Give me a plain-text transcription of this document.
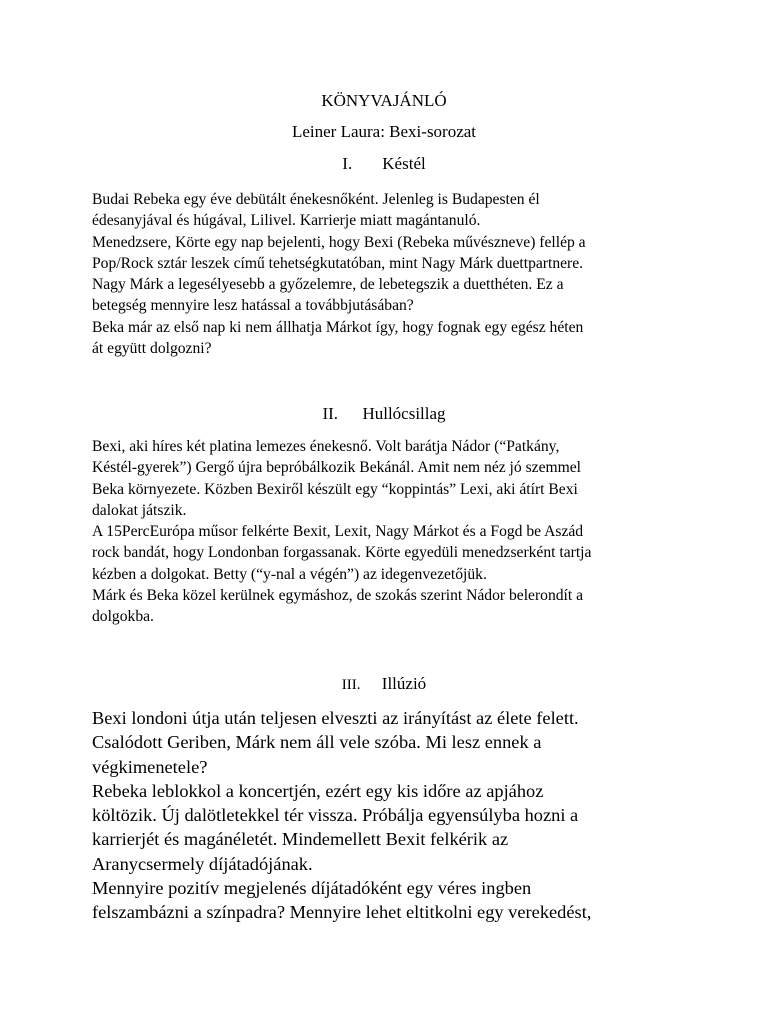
KÖNYVAJÁNLÓ
Leiner Laura: Bexi-sorozat
I. Késtél
Budai Rebeka egy éve debütált énekesnőként. Jelenleg is Budapesten él
édesanyjával és húgával, Lilivel. Karrierje miatt magántanuló.
Menedzsere, Körte egy nap bejelenti, hogy Bexi (Rebeka művészneve) fellép a
Pop/Rock sztár leszek című tehetségkutatóban, mint Nagy Márk duettpartnere.
Nagy Márk a legesélyesebb a győzelemre, de lebetegszik a duetthéten. Ez a
betegség mennyire lesz hatással a továbbjutásában?
Beka már az első nap ki nem állhatja Márkot így, hogy fognak egy egész héten
át együtt dolgozni?
II. Hullócsillag
Bexi, aki híres két platina lemezes énekesnő. Volt barátja Nádor (“Patkány,
Késtél-gyerek”) Gergő újra bepróbálkozik Bekánál. Amit nem néz jó szemmel
Beka környezete. Közben Bexiről készült egy “koppintás” Lexi, aki átírt Bexi
dalokat játszik.
A 15PercEurópa műsor felkérte Bexit, Lexit, Nagy Márkot és a Fogd be Aszád
rock bandát, hogy Londonban forgassanak. Körte egyedüli menedzserként tartja
kézben a dolgokat. Betty (“y-nal a végén”) az idegenvezetőjük.
Márk és Beka közel kerülnek egymáshoz, de szokás szerint Nádor belerondít a
dolgokba.
III. Illúzió
Bexi londoni útja után teljesen elveszti az irányítást az élete felett.
Csalódott Geriben, Márk nem áll vele szóba. Mi lesz ennek a
végkimenetele?
Rebeka leblokkol a koncertjén, ezért egy kis időre az apjához
költözik. Új dalötletekkel tér vissza. Próbálja egyensúlyba hozni a
karrierjét és magánéletét. Mindemellett Bexit felkérik az
Aranycsermely díjátadójának.
Mennyire pozitív megjelenés díjátadóként egy véres ingben
felszambázni a színpadra? Mennyire lehet eltitkolni egy verekedést,
